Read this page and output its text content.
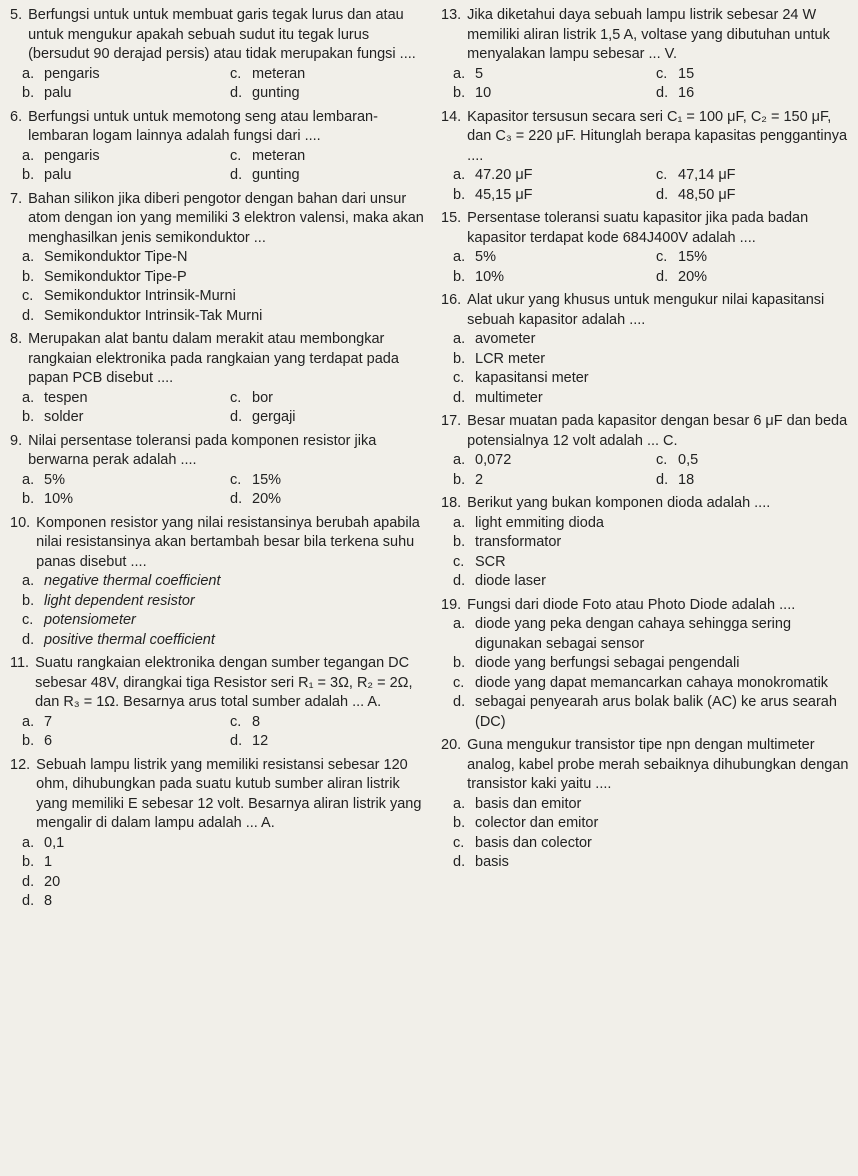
5. Berfungsi untuk untuk membuat garis tegak lurus dan atau untuk mengukur apakah sebuah sudut itu tegak lurus (bersudut 90 derajad persis) atau tidak merupakan fungsi ....
a. pengaris	c. meteran
b. palu	d. gunting
6. Berfungsi untuk untuk memotong seng atau lembaran-lembaran logam lainnya adalah fungsi dari ....
a. pengaris	c. meteran
b. palu	d. gunting
7. Bahan silikon jika diberi pengotor dengan bahan dari unsur atom dengan ion yang memiliki 3 elektron valensi, maka akan menghasilkan jenis semikonduktor ...
a. Semikonduktor Tipe-N
b. Semikonduktor Tipe-P
c. Semikonduktor Intrinsik-Murni
d. Semikonduktor Intrinsik-Tak Murni
8. Merupakan alat bantu dalam merakit atau membongkar rangkaian elektronika pada rangkaian yang terdapat pada papan PCB disebut ....
a. tespen	c. bor
b. solder	d. gergaji
9. Nilai persentase toleransi pada komponen resistor jika berwarna perak adalah ....
a. 5%	c. 15%
b. 10%	d. 20%
10. Komponen resistor yang nilai resistansinya berubah apabila nilai resistansinya akan bertambah besar bila terkena suhu panas disebut ....
a. negative thermal coefficient
b. light dependent resistor
c. potensiometer
d. positive thermal coefficient
11. Suatu rangkaian elektronika dengan sumber tegangan DC sebesar 48V, dirangkai tiga Resistor seri R₁ = 3Ω, R₂ = 2Ω, dan R₃ = 1Ω. Besarnya arus total sumber adalah ... A.
a. 7	c. 8
b. 6	d. 12
12. Sebuah lampu listrik yang memiliki resistansi sebesar 120 ohm, dihubungkan pada suatu kutub sumber aliran listrik yang memiliki E sebesar 12 volt. Besarnya aliran listrik yang mengalir di dalam lampu adalah ... A.
a. 0,1
b. 1
d. 20
d. 8
13. Jika diketahui daya sebuah lampu listrik sebesar 24 W memiliki aliran listrik 1,5 A, voltase yang dibutuhan untuk menyalakan lampu sebesar ... V.
a. 5	c. 15
b. 10	d. 16
14. Kapasitor tersusun secara seri C₁ = 100 μF, C₂ = 150 μF, dan C₃ = 220 μF. Hitunglah berapa kapasitas penggantinya ....
a. 47.20 μF	c. 47,14 μF
b. 45,15 μF	d. 48,50 μF
15. Persentase toleransi suatu kapasitor jika pada badan kapasitor terdapat kode 684J400V adalah ....
a. 5%	c. 15%
b. 10%	d. 20%
16. Alat ukur yang khusus untuk mengukur nilai kapasitansi sebuah kapasitor adalah ....
a. avometer
b. LCR meter
c. kapasitansi meter
d. multimeter
17. Besar muatan pada kapasitor dengan besar 6 μF dan beda potensialnya 12 volt adalah ... C.
a. 0,072	c. 0,5
b. 2	d. 18
18. Berikut yang bukan komponen dioda adalah ....
a. light emmiting dioda
b. transformator
c. SCR
d. diode laser
19. Fungsi dari diode Foto atau Photo Diode adalah ....
a. diode yang peka dengan cahaya sehingga sering digunakan sebagai sensor
b. diode yang berfungsi sebagai pengendali
c. diode yang dapat memancarkan cahaya monokromatik
d. sebagai penyearah arus bolak balik (AC) ke arus searah (DC)
20. Guna mengukur transistor tipe npn dengan multimeter analog, kabel probe merah sebaiknya dihubungkan dengan transistor kaki yaitu ....
a. basis dan emitor
b. colector dan emitor
c. basis dan colector
d. basis
